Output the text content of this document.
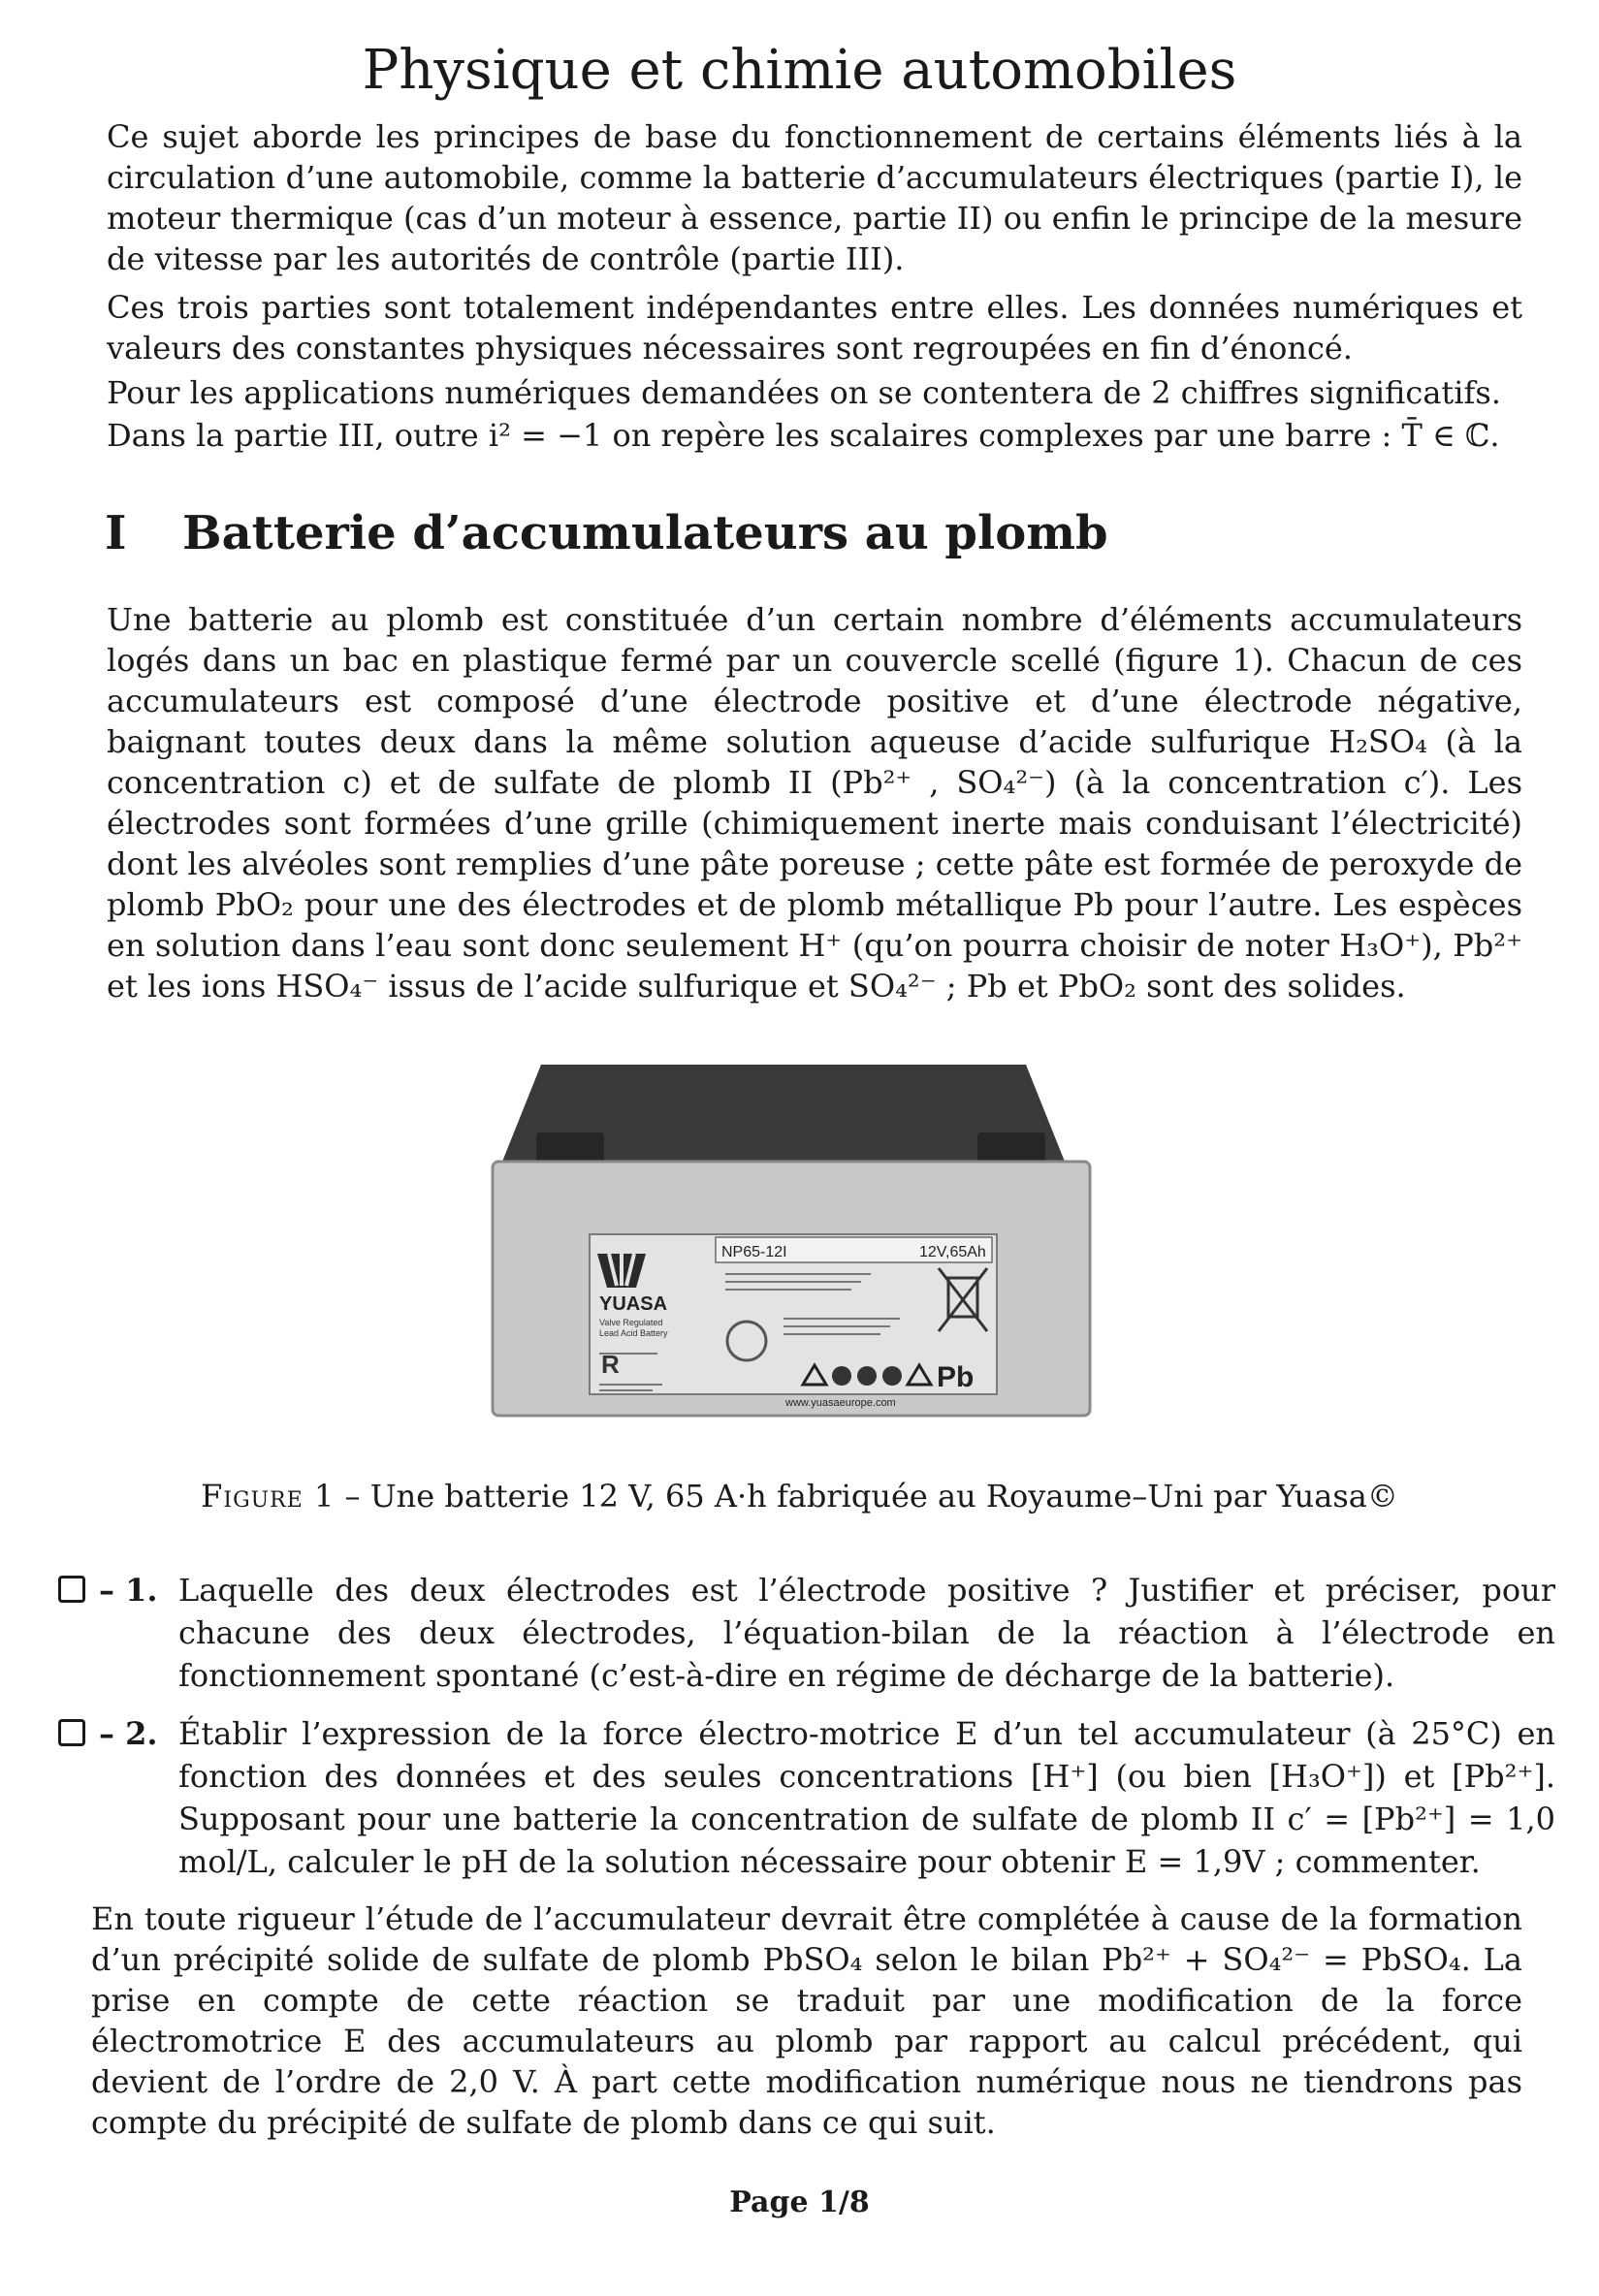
Physique et chimie automobiles

Ce sujet aborde les principes de base du fonctionnement de certains éléments liés à la circulation d’une automobile, comme la batterie d’accumulateurs électriques (partie I), le moteur thermique (cas d’un moteur à essence, partie II) ou enfin le principe de la mesure de vitesse par les autorités de contrôle (partie III).

Ces trois parties sont totalement indépendantes entre elles. Les données numériques et valeurs des constantes physiques nécessaires sont regroupées en fin d’énoncé.

Pour les applications numériques demandées on se contentera de 2 chiffres significatifs.

Dans la partie III, outre i² = −1 on repère les scalaires complexes par une barre : T̄ ∈ ℂ.

I Batterie d’accumulateurs au plomb

Une batterie au plomb est constituée d’un certain nombre d’éléments accumulateurs logés dans un bac en plastique fermé par un couvercle scellé (figure 1). Chacun de ces accumulateurs est composé d’une électrode positive et d’une électrode négative, baignant toutes deux dans la même solution aqueuse d’acide sulfurique H₂SO₄ (à la concentration c) et de sulfate de plomb II (Pb²⁺ , SO₄²⁻) (à la concentration c′). Les électrodes sont formées d’une grille (chimiquement inerte mais conduisant l’électricité) dont les alvéoles sont remplies d’une pâte poreuse ; cette pâte est formée de peroxyde de plomb PbO₂ pour une des électrodes et de plomb métallique Pb pour l’autre. Les espèces en solution dans l’eau sont donc seulement H⁺ (qu’on pourra choisir de noter H₃O⁺), Pb²⁺ et les ions HSO₄⁻ issus de l’acide sulfurique et SO₄²⁻ ; Pb et PbO₂ sont des solides.

YUASA
Valve Regulated
Lead Acid Battery
R
NP65-12I	12V,65Ah
Pb
www.yuasaeurope.com
Figure 1 – Une batterie 12 V, 65 A·h fabriquée au Royaume–Uni par Yuasa©
– 1. Laquelle des deux électrodes est l’électrode positive ? Justifier et préciser, pour chacune des deux électrodes, l’équation-bilan de la réaction à l’électrode en fonctionnement spontané (c’est-à-dire en régime de décharge de la batterie).
– 2. Établir l’expression de la force électro-motrice E d’un tel accumulateur (à 25°C) en fonction des données et des seules concentrations [H⁺] (ou bien [H₃O⁺]) et [Pb²⁺]. Supposant pour une batterie la concentration de sulfate de plomb II c′ = [Pb²⁺] = 1,0 mol/L, calculer le pH de la solution nécessaire pour obtenir E = 1,9V ; commenter.

En toute rigueur l’étude de l’accumulateur devrait être complétée à cause de la formation d’un précipité solide de sulfate de plomb PbSO₄ selon le bilan Pb²⁺ + SO₄²⁻ = PbSO₄. La prise en compte de cette réaction se traduit par une modification de la force électromotrice E des accumulateurs au plomb par rapport au calcul précédent, qui devient de l’ordre de 2,0 V. À part cette modification numérique nous ne tiendrons pas compte du précipité de sulfate de plomb dans ce qui suit.

Page 1/8
